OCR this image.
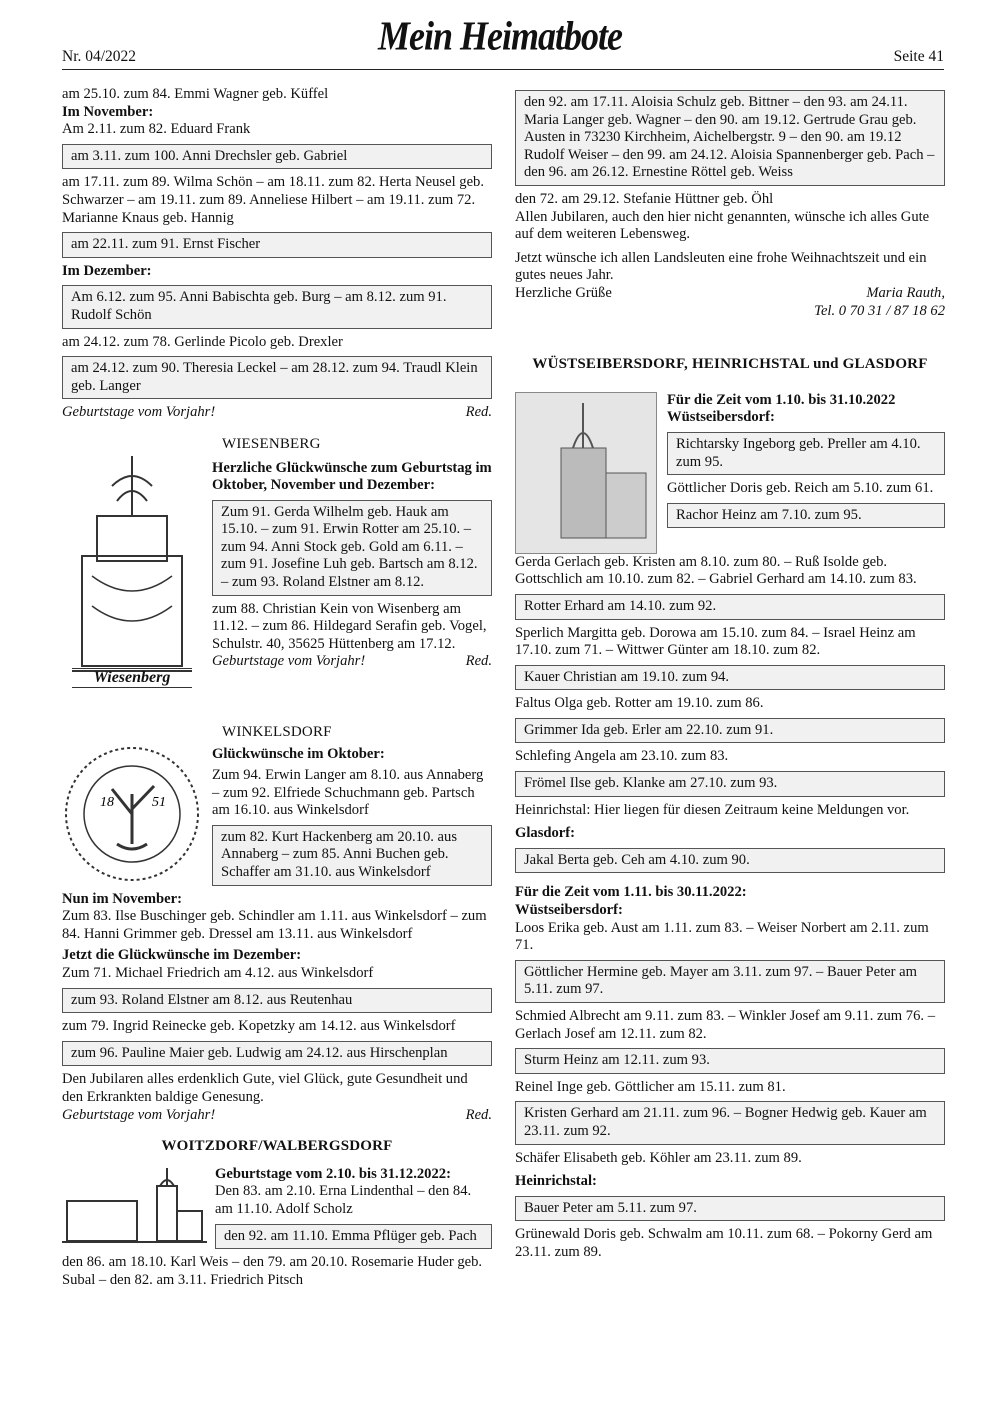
Nr. 04/2022	Mein Heimatbote	Seite 41

am 25.10. zum 84. Emmi Wagner geb. Küffel

Im November:

Am 2.11. zum 82. Eduard Frank

am 3.11. zum 100. Anni Drechsler geb. Gabriel

am 17.11. zum 89. Wilma Schön – am 18.11. zum 82. Herta Neusel geb. Schwarzer – am 19.11. zum 89. Anneliese Hilbert – am 19.11. zum 72. Marianne Knaus geb. Hannig

am 22.11. zum 91. Ernst Fischer

Im Dezember:

Am 6.12. zum 95. Anni Babischta geb. Burg – am 8.12. zum 91. Rudolf Schön

am 24.12. zum 78. Gerlinde Picolo geb. Drexler

am 24.12. zum 90. Theresia Leckel – am 28.12. zum 94. Traudl Klein geb. Langer

Geburtstage vom Vorjahr!	Red.

Wiesenberg

WIESENBERG

Herzliche Glückwünsche zum Geburtstag im Oktober, November und Dezember:

Zum 91. Gerda Wilhelm geb. Hauk am 15.10. – zum 91. Erwin Rotter am 25.10. – zum 94. Anni Stock geb. Gold am 6.11. – zum 91. Josefine Luh geb. Bartsch am 8.12. – zum 93. Roland Elstner am 8.12.

zum 88. Christian Kein von Wisenberg am 11.12. – zum 86. Hildegard Serafin geb. Vogel, Schulstr. 40, 35625 Hüttenberg am 17.12.

Geburtstage vom Vorjahr!	Red.

18	51

WINKELSDORF

Glückwünsche im Oktober:

Zum 94. Erwin Langer am 8.10. aus Annaberg – zum 92. Elfriede Schuchmann geb. Partsch am 16.10. aus Winkelsdorf

zum 82. Kurt Hackenberg am 20.10. aus Annaberg – zum 85. Anni Buchen geb. Schaffer am 31.10. aus Winkelsdorf

Nun im November:

Zum 83. Ilse Buschinger geb. Schindler am 1.11. aus Winkelsdorf – zum 84. Hanni Grimmer geb. Dressel am 13.11. aus Winkelsdorf

Jetzt die Glückwünsche im Dezember:

Zum 71. Michael Friedrich am 4.12. aus Winkelsdorf

zum 93. Roland Elstner am 8.12. aus Reutenhau

zum 79. Ingrid Reinecke geb. Kopetzky am 14.12. aus Winkelsdorf

zum 96. Pauline Maier geb. Ludwig am 24.12. aus Hirschenplan

Den Jubilaren alles erdenklich Gute, viel Glück, gute Gesundheit und den Erkrankten baldige Genesung.

Geburtstage vom Vorjahr!	Red.

WOITZDORF/WALBERGSDORF

Geburtstage vom 2.10. bis 31.12.2022:

Den 83. am 2.10. Erna Lindenthal – den 84. am 11.10. Adolf Scholz

den 92. am 11.10. Emma Pflüger geb. Pach

den 86. am 18.10. Karl Weis – den 79. am 20.10. Rosemarie Huder geb. Subal – den 82. am 3.11. Friedrich Pitsch

den 92. am 17.11. Aloisia Schulz geb. Bittner – den 93. am 24.11. Maria Langer geb. Wagner – den 90. am 19.12. Gertrude Grau geb. Austen in 73230 Kirchheim, Aichelbergstr. 9 – den 90. am 19.12 Rudolf Weiser – den 99. am 24.12. Aloisia Spannenberger geb. Pach – den 96. am 26.12. Ernestine Röttel geb. Weiss

den 72. am 29.12. Stefanie Hüttner geb. Öhl

Allen Jubilaren, auch den hier nicht genannten, wünsche ich alles Gute auf dem weiteren Lebensweg.

Jetzt wünsche ich allen Landsleuten eine frohe Weihnachtszeit und ein gutes neues Jahr.

Herzliche Grüße	Maria Rauth,

Tel. 0 70 31 / 87 18 62

WÜSTSEIBERSDORF, HEINRICHSTAL und GLASDORF

Für die Zeit vom 1.10. bis 31.10.2022

Wüstseibersdorf:

Richtarsky Ingeborg geb. Preller am 4.10. zum 95.

Göttlicher Doris geb. Reich am 5.10. zum 61.

Rachor Heinz am 7.10. zum 95.

Gerda Gerlach geb. Kristen am 8.10. zum 80. – Ruß Isolde geb. Gottschlich am 10.10. zum 82. – Gabriel Gerhard am 14.10. zum 83.

Rotter Erhard am 14.10. zum 92.

Sperlich Margitta geb. Dorowa am 15.10. zum 84. – Israel Heinz am 17.10. zum 71. – Wittwer Günter am 18.10. zum 82.

Kauer Christian am 19.10. zum 94.

Faltus Olga geb. Rotter am 19.10. zum 86.

Grimmer Ida geb. Erler am 22.10. zum 91.

Schlefing Angela am 23.10. zum 83.

Frömel Ilse geb. Klanke am 27.10. zum 93.

Heinrichstal: Hier liegen für diesen Zeitraum keine Meldungen vor.

Glasdorf:

Jakal Berta geb. Ceh am 4.10. zum 90.

Für die Zeit vom 1.11. bis 30.11.2022:

Wüstseibersdorf:

Loos Erika geb. Aust am 1.11. zum 83. – Weiser Norbert am 2.11. zum 71.

Göttlicher Hermine geb. Mayer am 3.11. zum 97. – Bauer Peter am 5.11. zum 97.

Schmied Albrecht am 9.11. zum 83. – Winkler Josef am 9.11. zum 76. – Gerlach Josef am 12.11. zum 82.

Sturm Heinz am 12.11. zum 93.

Reinel Inge geb. Göttlicher am 15.11. zum 81.

Kristen Gerhard am 21.11. zum 96. – Bogner Hedwig geb. Kauer am 23.11. zum 92.

Schäfer Elisabeth geb. Köhler am 23.11. zum 89.

Heinrichstal:

Bauer Peter am 5.11. zum 97.

Grünewald Doris geb. Schwalm am 10.11. zum 68. – Pokorny Gerd am 23.11. zum 89.
